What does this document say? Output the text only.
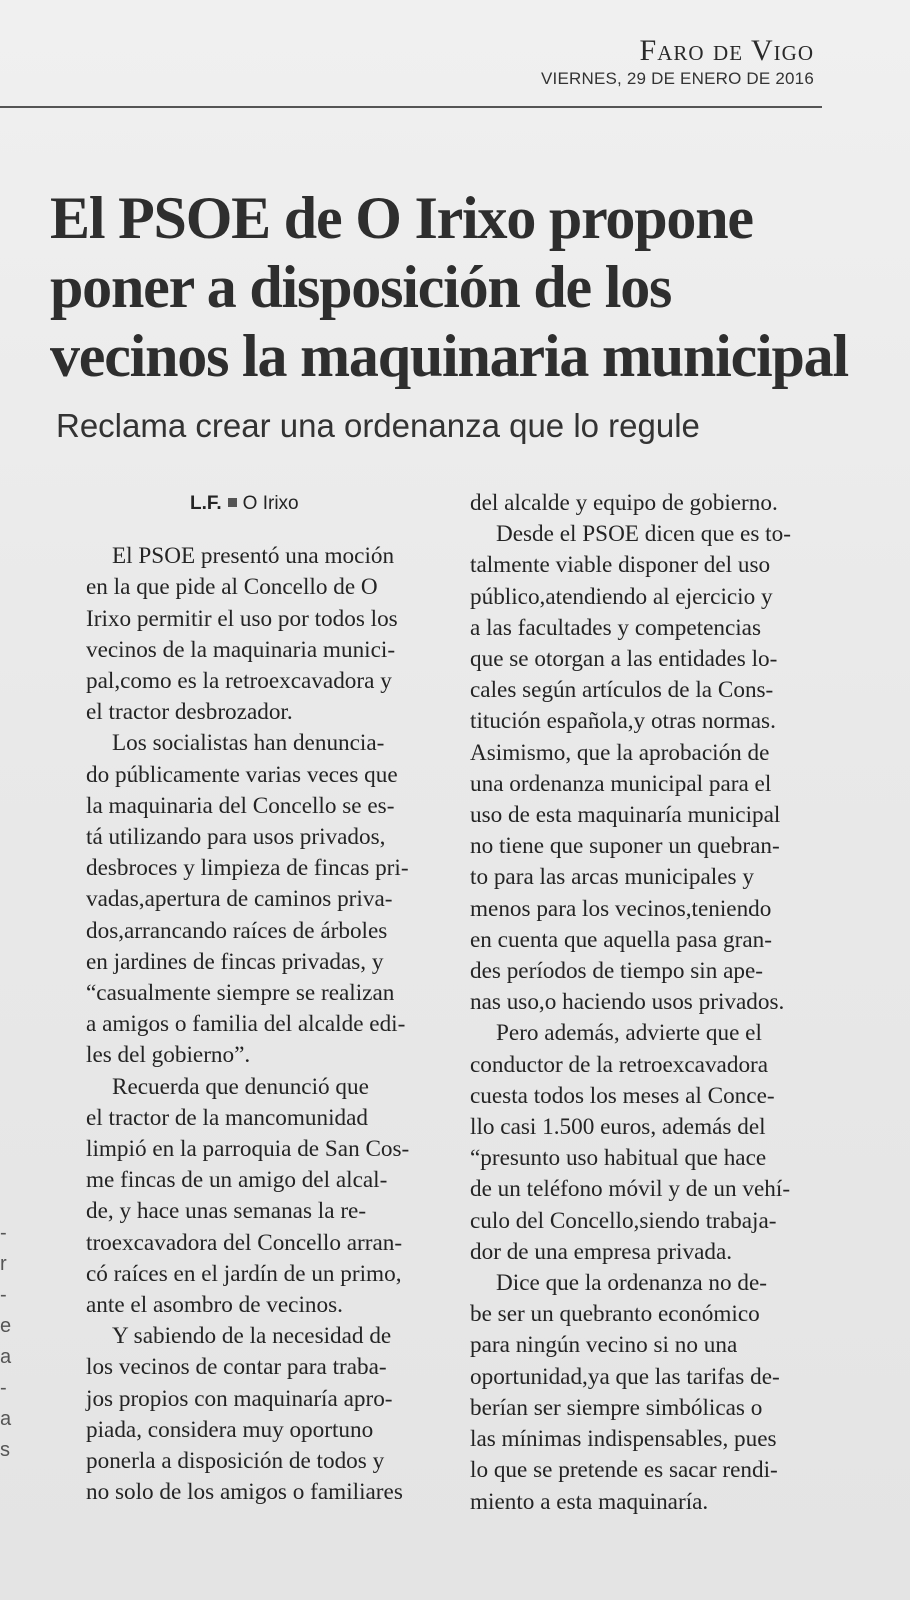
Faro de Vigo
VIERNES, 29 DE ENERO DE 2016
El PSOE de O Irixo propone
poner a disposición de los
vecinos la maquinaria municipal
Reclama crear una ordenanza que lo regule
L.F. O Irixo
El PSOE presentó una moción
en la que pide al Concello de O
Irixo permitir el uso por todos los
vecinos de la maquinaria munici-
pal,como es la retroexcavadora y
el tractor desbrozador.
Los socialistas han denuncia-
do públicamente varias veces que
la maquinaria del Concello se es-
tá utilizando para usos privados,
desbroces y limpieza de fincas pri-
vadas,apertura de caminos priva-
dos,arrancando raíces de árboles
en jardines de fincas privadas, y
“casualmente siempre se realizan
a amigos o familia del alcalde edi-
les del gobierno”.
Recuerda que denunció que
el tractor de la mancomunidad
limpió en la parroquia de San Cos-
me fincas de un amigo del alcal-
de, y hace unas semanas la re-
troexcavadora del Concello arran-
có raíces en el jardín de un primo,
ante el asombro de vecinos.
Y sabiendo de la necesidad de
los vecinos de contar para traba-
jos propios con maquinaría apro-
piada, considera muy oportuno
ponerla a disposición de todos y
no solo de los amigos o familiares
del alcalde y equipo de gobierno.
Desde el PSOE dicen que es to-
talmente viable disponer del uso
público,atendiendo al ejercicio y
a las facultades y competencias
que se otorgan a las entidades lo-
cales según artículos de la Cons-
titución española,y otras normas.
Asimismo, que la aprobación de
una ordenanza municipal para el
uso de esta maquinaría municipal
no tiene que suponer un quebran-
to para las arcas municipales y
menos para los vecinos,teniendo
en cuenta que aquella pasa gran-
des períodos de tiempo sin ape-
nas uso,o haciendo usos privados.
Pero además, advierte que el
conductor de la retroexcavadora
cuesta todos los meses al Conce-
llo casi 1.500 euros, además del
“presunto uso habitual que hace
de un teléfono móvil y de un vehí-
culo del Concello,siendo trabaja-
dor de una empresa privada.
Dice que la ordenanza no de-
be ser un quebranto económico
para ningún vecino si no una
oportunidad,ya que las tarifas de-
berían ser siempre simbólicas o
las mínimas indispensables, pues
lo que se pretende es sacar rendi-
miento a esta maquinaría.
-
r
-
e
a
-
a
s
